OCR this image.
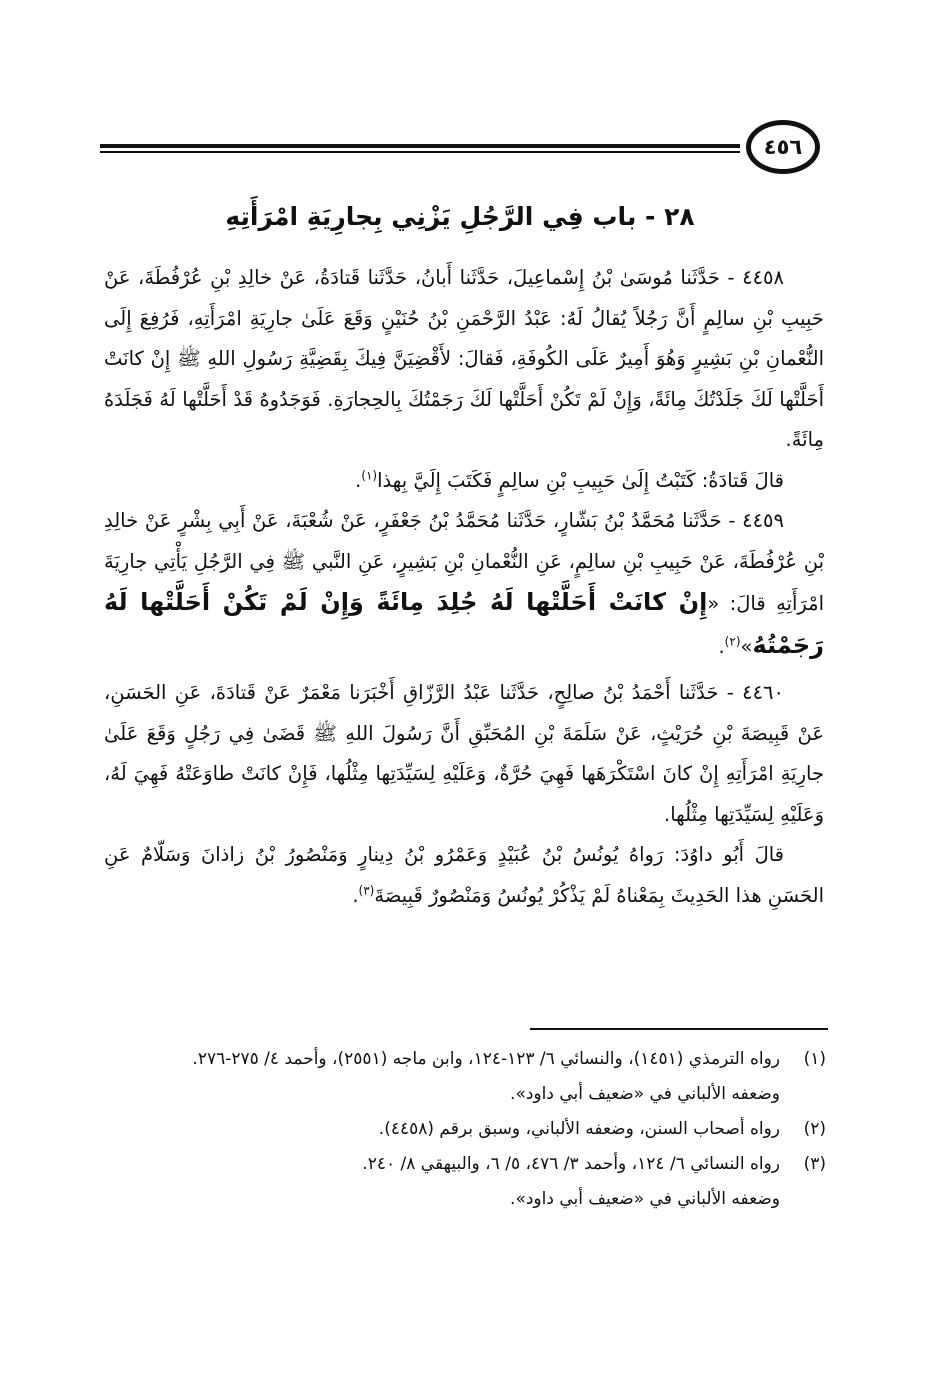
٤٥٦
٢٨ - باب فِي الرَّجُلِ يَزْنِي بِجارِيَةِ امْرَأَتِهِ

٤٤٥٨ - حَدَّثَنا مُوسَىٰ بْنُ إِسْماعِيلَ، حَدَّثَنا أَبانُ، حَدَّثَنا قَتادَةُ، عَنْ خالِدِ بْنِ عُرْفُطَةَ، عَنْ حَبِيبِ بْنِ سالِمٍ أَنَّ رَجُلاً يُقالُ لَهُ: عَبْدُ الرَّحْمَنِ بْنُ حُنَيْنٍ وَقَعَ عَلَىٰ جارِيَةِ امْرَأَتِهِ، فَرُفِعَ إِلَى النُّعْمانِ بْنِ بَشِيرٍ وَهُوَ أَمِيرٌ عَلَى الكُوفَةِ، فَقالَ: لأَقْضِيَنَّ فِيكَ بِقَضِيَّةِ رَسُولِ اللهِ ﷺ إِنْ كانَتْ أَحَلَّتْها لَكَ جَلَدْتُكَ مِائَةً، وَإِنْ لَمْ تَكُنْ أَحَلَّتْها لَكَ رَجَمْتُكَ بِالحِجارَةِ. فَوَجَدُوهُ قَدْ أَحَلَّتْها لَهُ فَجَلَدَهُ مِائَةً.

قالَ قَتادَةُ: كَتَبْتُ إِلَىٰ حَبِيبِ بْنِ سالِمٍ فَكَتَبَ إِلَيَّ بِهذا$^{(١)}$.

٤٤٥٩ - حَدَّثَنا مُحَمَّدُ بْنُ بَشّارٍ، حَدَّثَنا مُحَمَّدُ بْنُ جَعْفَرٍ، عَنْ شُعْبَةَ، عَنْ أَبِي بِشْرٍ عَنْ خالِدِ بْنِ عُرْفُطَةَ، عَنْ حَبِيبِ بْنِ سالِمٍ، عَنِ النُّعْمانِ بْنِ بَشِيرٍ، عَنِ النَّبي ﷺ فِي الرَّجُلِ يَأْتِي جارِيَةَ امْرَأَتِهِ قالَ: «إِنْ كانَتْ أَحَلَّتْها لَهُ جُلِدَ مِائَةً وَإِنْ لَمْ تَكُنْ أَحَلَّتْها لَهُ رَجَمْتُهُ»$^{(٢)}$.

٤٤٦٠ - حَدَّثَنا أَحْمَدُ بْنُ صالِحٍ، حَدَّثَنا عَبْدُ الرَّزّاقِ أَخْبَرَنا مَعْمَرٌ عَنْ قَتادَةَ، عَنِ الحَسَنِ، عَنْ قَبِيصَةَ بْنِ حُرَيْثٍ، عَنْ سَلَمَةَ بْنِ المُحَبِّقِ أَنَّ رَسُولَ اللهِ ﷺ قَضَىٰ فِي رَجُلٍ وَقَعَ عَلَىٰ جارِيَةِ امْرَأَتِهِ إِنْ كانَ اسْتَكْرَهَها فَهِيَ حُرَّةٌ، وَعَلَيْهِ لِسَيِّدَتِها مِثْلُها، فَإِنْ كانَتْ طاوَعَتْهُ فَهِيَ لَهُ، وَعَلَيْهِ لِسَيِّدَتِها مِثْلُها.

قالَ أَبُو داوُدَ: رَواهُ يُونُسُ بْنُ عُبَيْدٍ وَعَمْرُو بْنُ دِينارٍ وَمَنْصُورُ بْنُ زاذانَ وَسَلّامٌ عَنِ الحَسَنِ هذا الحَدِيثَ بِمَعْناهُ لَمْ يَذْكُرْ يُونُسُ وَمَنْصُورٌ قَبِيصَةَ$^{(٣)}$.

(١)
رواه الترمذي (١٤٥١)، والنسائي ٦/ ١٢٣-١٢٤، وابن ماجه (٢٥٥١)، وأحمد ٤/ ٢٧٥-٢٧٦.
وضعفه الألباني في «ضعيف أبي داود».
(٢)
رواه أصحاب السنن، وضعفه الألباني، وسبق برقم (٤٤٥٨).
(٣)
رواه النسائي ٦/ ١٢٤، وأحمد ٣/ ٤٧٦، ٥/ ٦، والبيهقي ٨/ ٢٤٠.
وضعفه الألباني في «ضعيف أبي داود».
